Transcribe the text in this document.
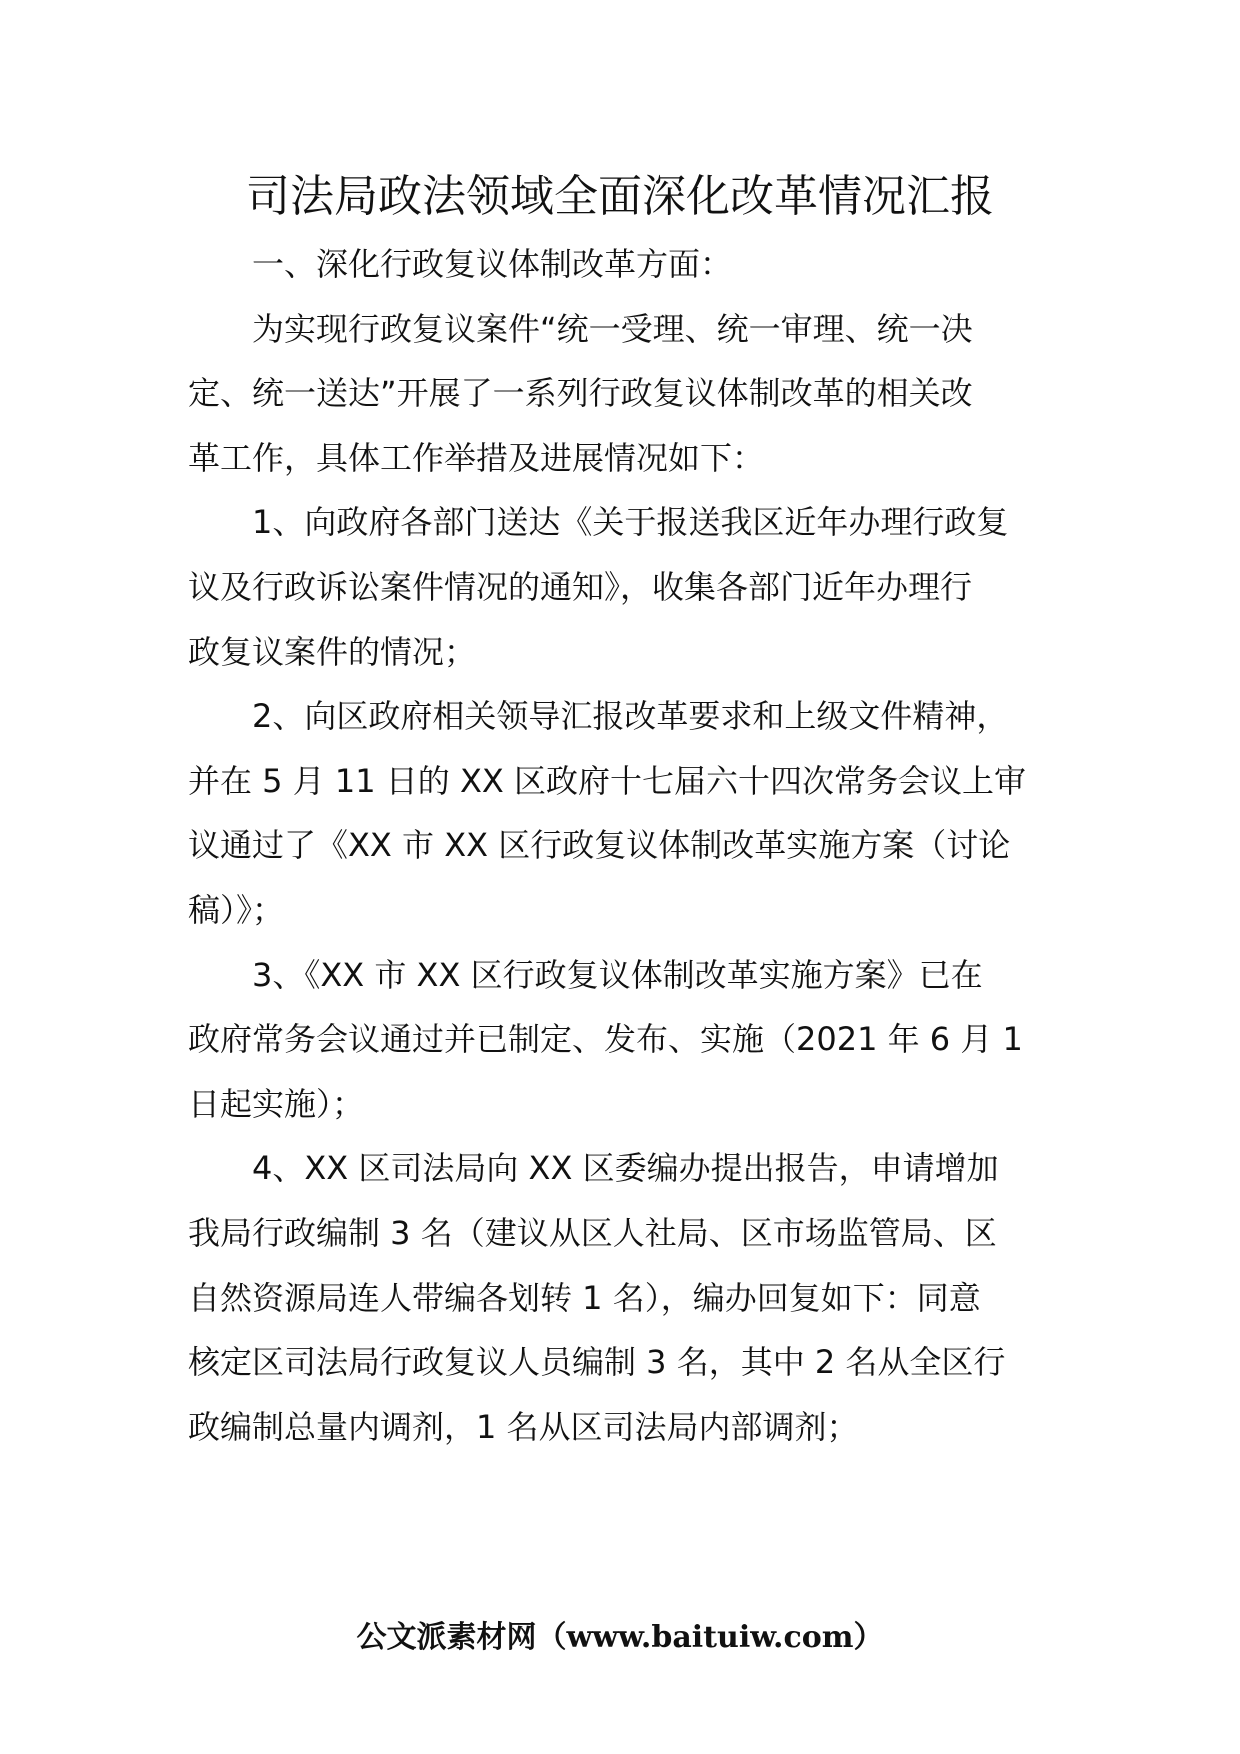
司法局政法领域全面深化改革情况汇报

一、深化行政复议体制改革方面：

为实现行政复议案件“统一受理、统一审理、统一决
定、统一送达”开展了一系列行政复议体制改革的相关改
革工作，具体工作举措及进展情况如下：

1、向政府各部门送达《关于报送我区近年办理行政复
议及行政诉讼案件情况的通知》，收集各部门近年办理行
政复议案件的情况；

2、向区政府相关领导汇报改革要求和上级文件精神，
并在 5 月 11 日的 XX 区政府十七届六十四次常务会议上审
议通过了《XX 市 XX 区行政复议体制改革实施方案（讨论
稿）》；

3、《XX 市 XX 区行政复议体制改革实施方案》已在
政府常务会议通过并已制定、发布、实施（2021 年 6 月 1
日起实施）；

4、XX 区司法局向 XX 区委编办提出报告，申请增加
我局行政编制 3 名（建议从区人社局、区市场监管局、区
自然资源局连人带编各划转 1 名），编办回复如下：同意
核定区司法局行政复议人员编制 3 名，其中 2 名从全区行
政编制总量内调剂，1 名从区司法局内部调剂；

公文派素材网（www.baituiw.com）
